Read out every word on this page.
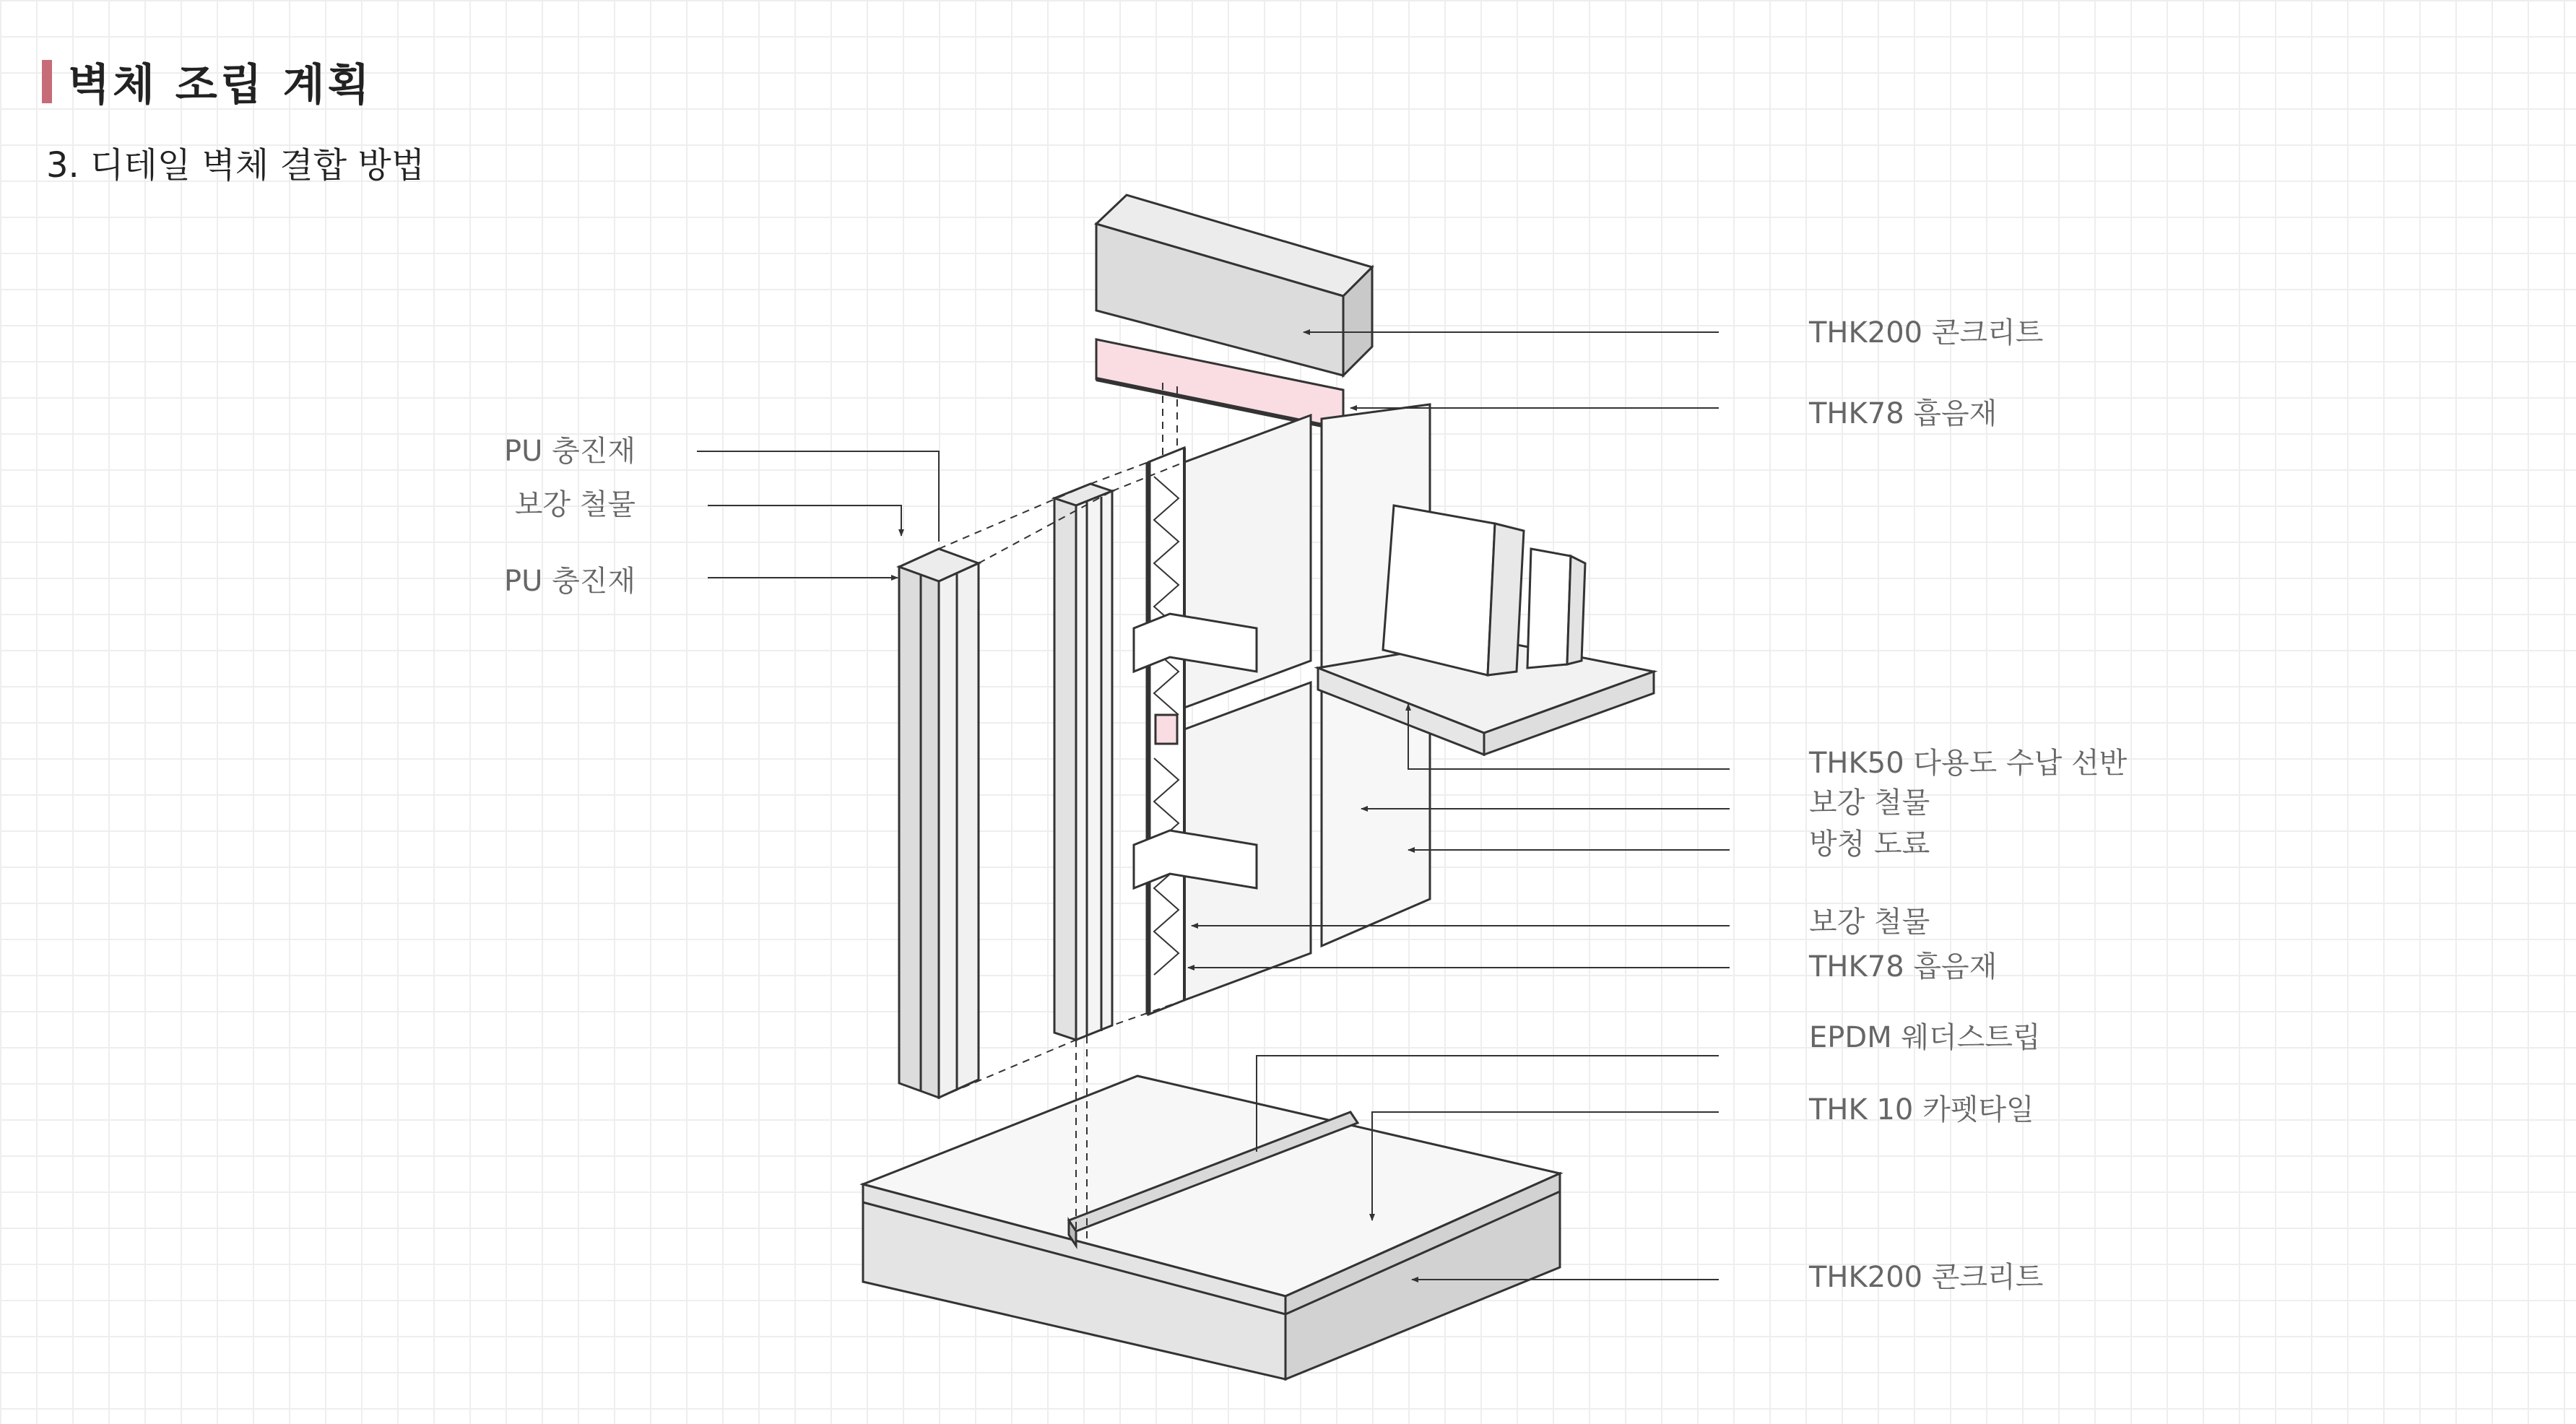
벽체 조립 계획
3. 디테일 벽체 결합 방법
PU 충진재
보강 철물
PU 충진재
THK200 콘크리트
THK78 흡음재
THK50 다용도 수납 선반
보강 철물
방청 도료
보강 철물
THK78 흡음재
EPDM 웨더스트립
THK 10 카펫타일
THK200 콘크리트
